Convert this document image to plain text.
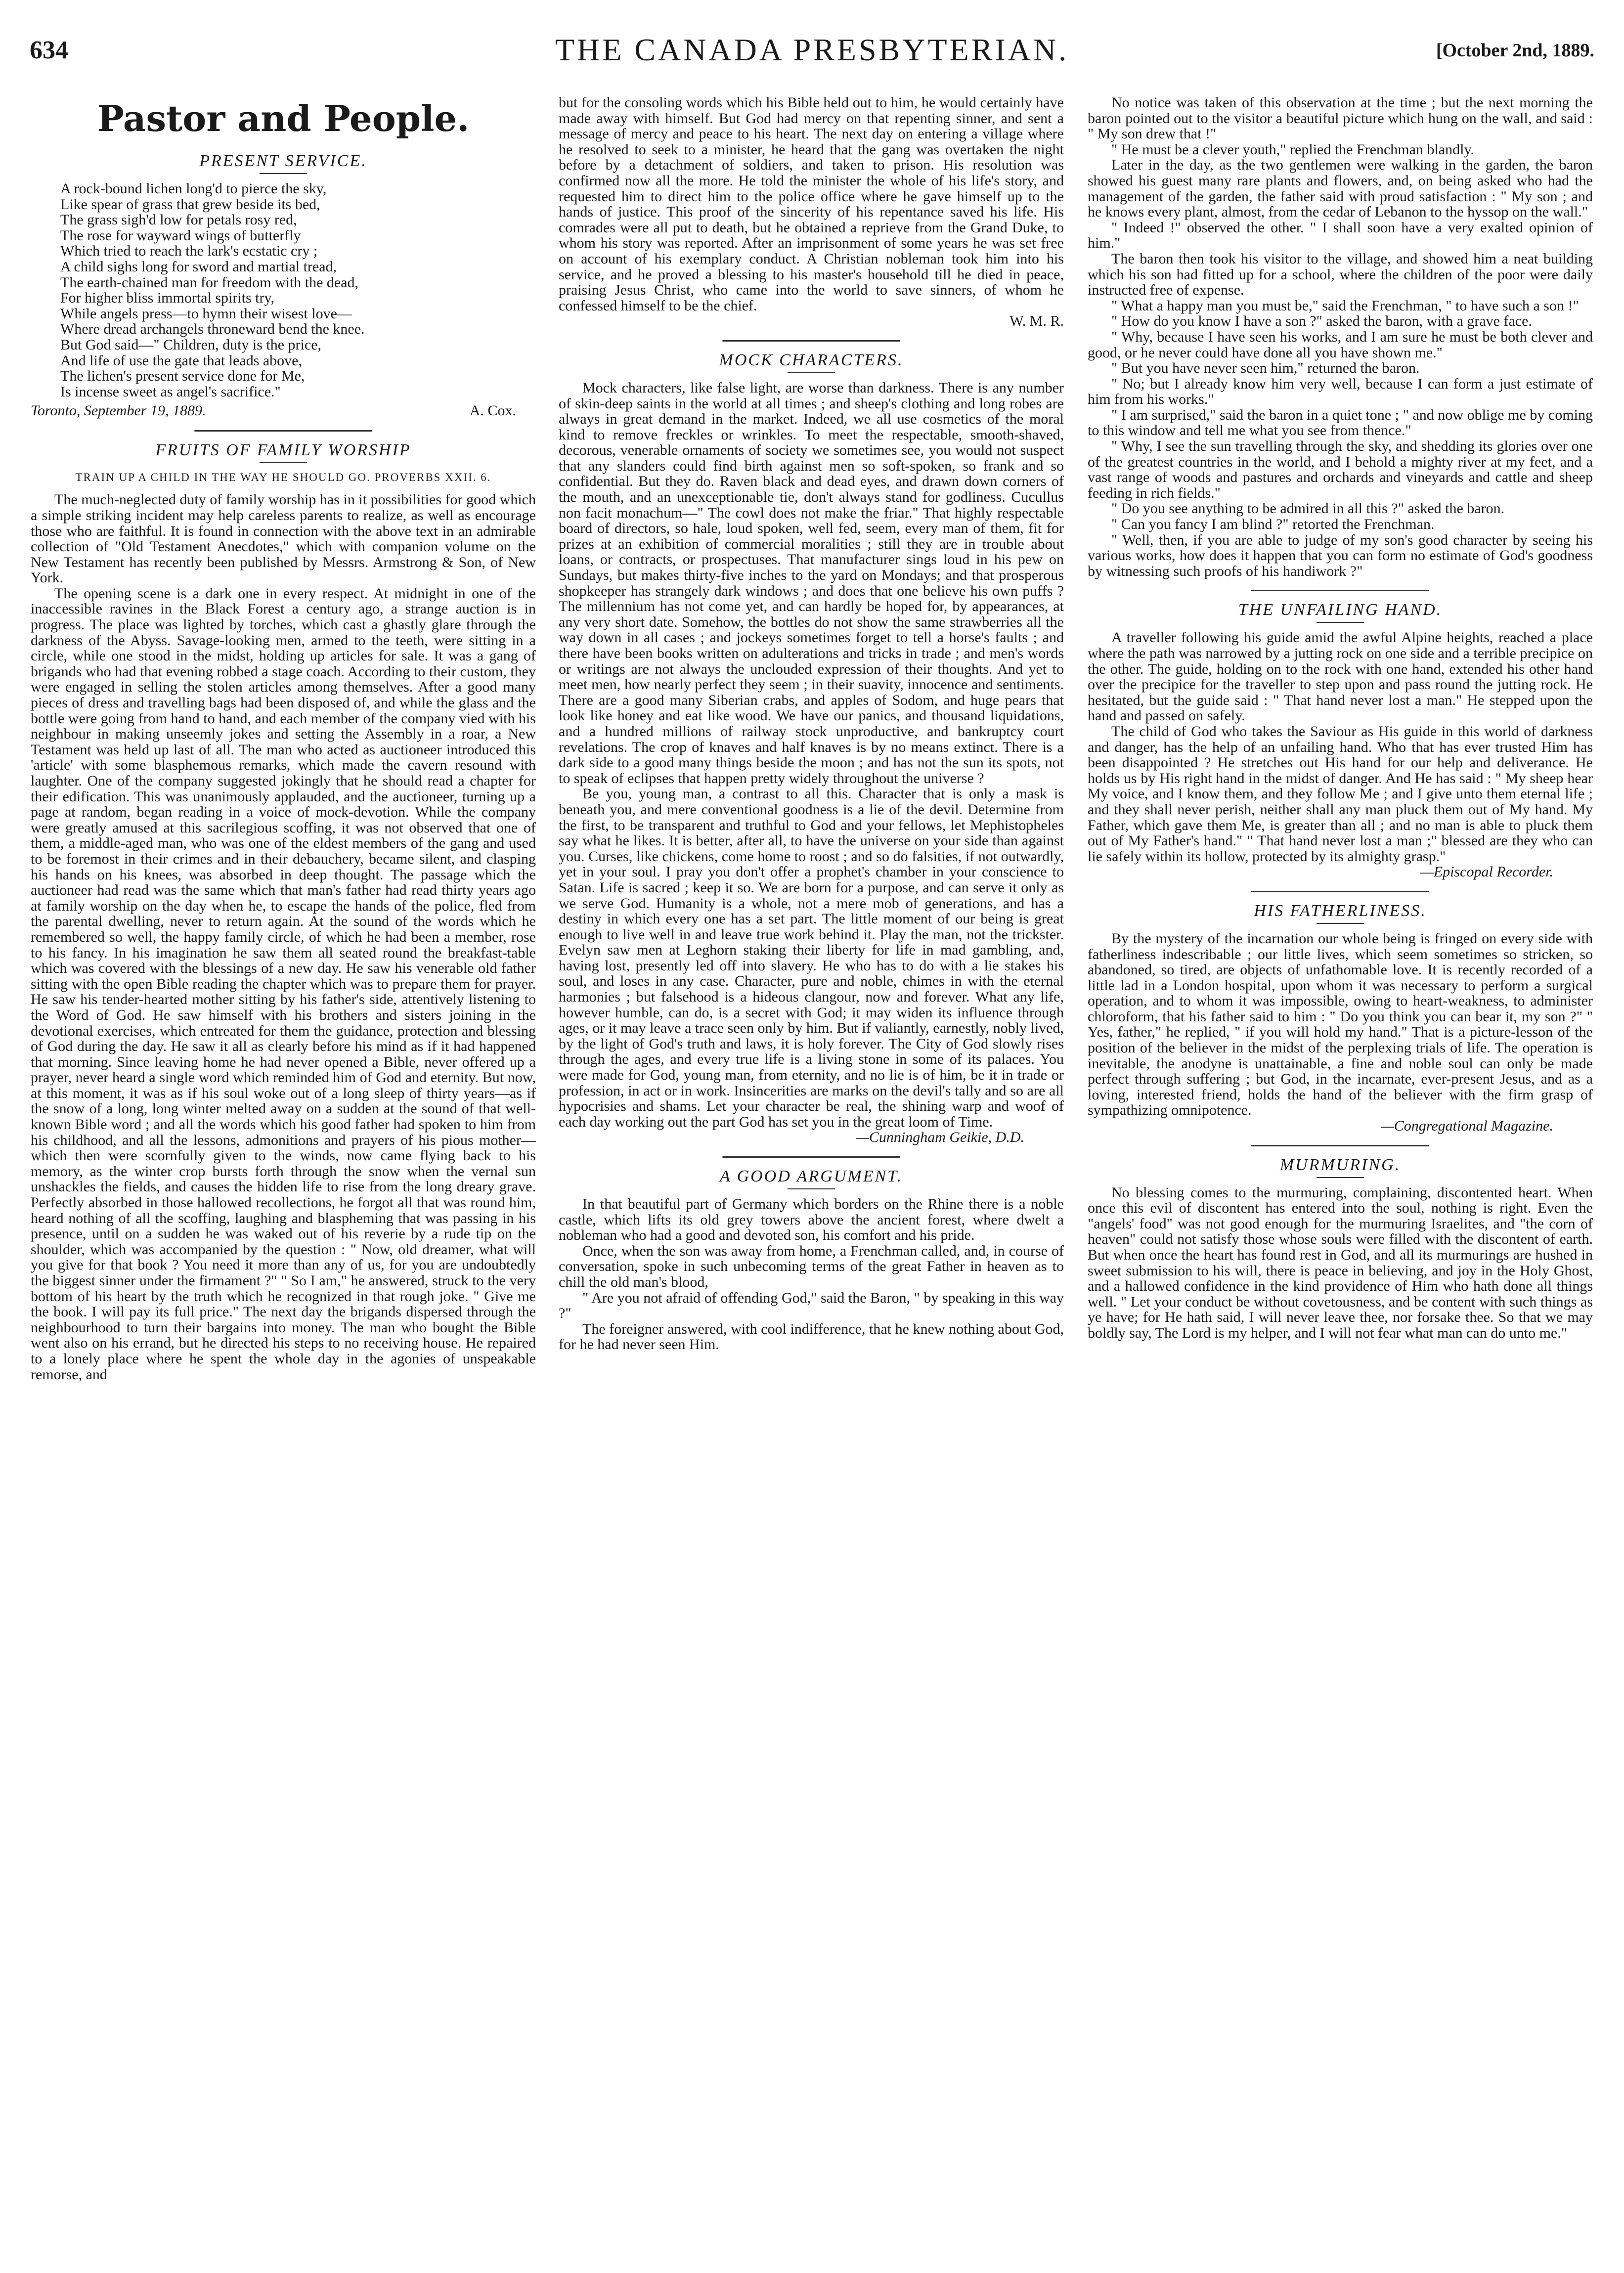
634	THE CANADA PRESBYTERIAN.	[October 2nd, 1889.
Pastor and People.
PRESENT SERVICE.
A rock-bound lichen long'd to pierce the sky,
Like spear of grass that grew beside its bed,
The grass sigh'd low for petals rosy red,
The rose for wayward wings of butterfly
Which tried to reach the lark's ecstatic cry ;
A child sighs long for sword and martial tread,
The earth-chained man for freedom with the dead,
For higher bliss immortal spirits try,
While angels press—to hymn their wisest love—
Where dread archangels throneward bend the knee.
But God said—" Children, duty is the price,
And life of use the gate that leads above,
The lichen's present service done for Me,
Is incense sweet as angel's sacrifice."
Toronto, September 19, 1889.	A. Cox.
FRUITS OF FAMILY WORSHIP
TRAIN UP A CHILD IN THE WAY HE SHOULD GO. PROVERBS XXII. 6.

The much-neglected duty of family worship has in it possibilities for good which a simple striking incident may help careless parents to realize, as well as encourage those who are faithful. It is found in connection with the above text in an admirable collection of "Old Testament Anecdotes," which with companion volume on the New Testament has recently been published by Messrs. Armstrong & Son, of New York.

The opening scene is a dark one in every respect. At midnight in one of the inaccessible ravines in the Black Forest a century ago, a strange auction is in progress. The place was lighted by torches, which cast a ghastly glare through the darkness of the Abyss. Savage-looking men, armed to the teeth, were sitting in a circle, while one stood in the midst, holding up articles for sale. It was a gang of brigands who had that evening robbed a stage coach. According to their custom, they were engaged in selling the stolen articles among themselves. After a good many pieces of dress and travelling bags had been disposed of, and while the glass and the bottle were going from hand to hand, and each member of the company vied with his neighbour in making unseemly jokes and setting the Assembly in a roar, a New Testament was held up last of all. The man who acted as auctioneer introduced this 'article' with some blasphemous remarks, which made the cavern resound with laughter. One of the company suggested jokingly that he should read a chapter for their edification. This was unanimously applauded, and the auctioneer, turning up a page at random, began reading in a voice of mock-devotion. While the company were greatly amused at this sacrilegious scoffing, it was not observed that one of them, a middle-aged man, who was one of the eldest members of the gang and used to be foremost in their crimes and in their debauchery, became silent, and clasping his hands on his knees, was absorbed in deep thought. The passage which the auctioneer had read was the same which that man's father had read thirty years ago at family worship on the day when he, to escape the hands of the police, fled from the parental dwelling, never to return again. At the sound of the words which he remembered so well, the happy family circle, of which he had been a member, rose to his fancy. In his imagination he saw them all seated round the breakfast-table which was covered with the blessings of a new day. He saw his venerable old father sitting with the open Bible reading the chapter which was to prepare them for prayer. He saw his tender-hearted mother sitting by his father's side, attentively listening to the Word of God. He saw himself with his brothers and sisters joining in the devotional exercises, which entreated for them the guidance, protection and blessing of God during the day. He saw it all as clearly before his mind as if it had happened that morning. Since leaving home he had never opened a Bible, never offered up a prayer, never heard a single word which reminded him of God and eternity. But now, at this moment, it was as if his soul woke out of a long sleep of thirty years—as if the snow of a long, long winter melted away on a sudden at the sound of that well-known Bible word ; and all the words which his good father had spoken to him from his childhood, and all the lessons, admonitions and prayers of his pious mother—which then were scornfully given to the winds, now came flying back to his memory, as the winter crop bursts forth through the snow when the vernal sun unshackles the fields, and causes the hidden life to rise from the long dreary grave. Perfectly absorbed in those hallowed recollections, he forgot all that was round him, heard nothing of all the scoffing, laughing and blaspheming that was passing in his presence, until on a sudden he was waked out of his reverie by a rude tip on the shoulder, which was accompanied by the question : " Now, old dreamer, what will you give for that book ? You need it more than any of us, for you are undoubtedly the biggest sinner under the firmament ?" " So I am," he answered, struck to the very bottom of his heart by the truth which he recognized in that rough joke. " Give me the book. I will pay its full price." The next day the brigands dispersed through the neighbourhood to turn their bargains into money. The man who bought the Bible went also on his errand, but he directed his steps to no receiving house. He repaired to a lonely place where he spent the whole day in the agonies of unspeakable remorse, and

but for the consoling words which his Bible held out to him, he would certainly have made away with himself. But God had mercy on that repenting sinner, and sent a message of mercy and peace to his heart. The next day on entering a village where he resolved to seek to a minister, he heard that the gang was overtaken the night before by a detachment of soldiers, and taken to prison. His resolution was confirmed now all the more. He told the minister the whole of his life's story, and requested him to direct him to the police office where he gave himself up to the hands of justice. This proof of the sincerity of his repentance saved his life. His comrades were all put to death, but he obtained a reprieve from the Grand Duke, to whom his story was reported. After an imprisonment of some years he was set free on account of his exemplary conduct. A Christian nobleman took him into his service, and he proved a blessing to his master's household till he died in peace, praising Jesus Christ, who came into the world to save sinners, of whom he confessed himself to be the chief.

W. M. R.
MOCK CHARACTERS.

Mock characters, like false light, are worse than darkness. There is any number of skin-deep saints in the world at all times ; and sheep's clothing and long robes are always in great demand in the market. Indeed, we all use cosmetics of the moral kind to remove freckles or wrinkles. To meet the respectable, smooth-shaved, decorous, venerable ornaments of society we sometimes see, you would not suspect that any slanders could find birth against men so soft-spoken, so frank and so confidential. But they do. Raven black and dead eyes, and drawn down corners of the mouth, and an unexceptionable tie, don't always stand for godliness. Cucullus non facit monachum—" The cowl does not make the friar." That highly respectable board of directors, so hale, loud spoken, well fed, seem, every man of them, fit for prizes at an exhibition of commercial moralities ; still they are in trouble about loans, or contracts, or prospectuses. That manufacturer sings loud in his pew on Sundays, but makes thirty-five inches to the yard on Mondays; and that prosperous shopkeeper has strangely dark windows ; and does that one believe his own puffs ? The millennium has not come yet, and can hardly be hoped for, by appearances, at any very short date. Somehow, the bottles do not show the same strawberries all the way down in all cases ; and jockeys sometimes forget to tell a horse's faults ; and there have been books written on adulterations and tricks in trade ; and men's words or writings are not always the unclouded expression of their thoughts. And yet to meet men, how nearly perfect they seem ; in their suavity, innocence and sentiments. There are a good many Siberian crabs, and apples of Sodom, and huge pears that look like honey and eat like wood. We have our panics, and thousand liquidations, and a hundred millions of railway stock unproductive, and bankruptcy court revelations. The crop of knaves and half knaves is by no means extinct. There is a dark side to a good many things beside the moon ; and has not the sun its spots, not to speak of eclipses that happen pretty widely throughout the universe ?

Be you, young man, a contrast to all this. Character that is only a mask is beneath you, and mere conventional goodness is a lie of the devil. Determine from the first, to be transparent and truthful to God and your fellows, let Mephistopheles say what he likes. It is better, after all, to have the universe on your side than against you. Curses, like chickens, come home to roost ; and so do falsities, if not outwardly, yet in your soul. I pray you don't offer a prophet's chamber in your conscience to Satan. Life is sacred ; keep it so. We are born for a purpose, and can serve it only as we serve God. Humanity is a whole, not a mere mob of generations, and has a destiny in which every one has a set part. The little moment of our being is great enough to live well in and leave true work behind it. Play the man, not the trickster. Evelyn saw men at Leghorn staking their liberty for life in mad gambling, and, having lost, presently led off into slavery. He who has to do with a lie stakes his soul, and loses in any case. Character, pure and noble, chimes in with the eternal harmonies ; but falsehood is a hideous clangour, now and forever. What any life, however humble, can do, is a secret with God; it may widen its influence through ages, or it may leave a trace seen only by him. But if valiantly, earnestly, nobly lived, by the light of God's truth and laws, it is holy forever. The City of God slowly rises through the ages, and every true life is a living stone in some of its palaces. You were made for God, young man, from eternity, and no lie is of him, be it in trade or profession, in act or in work. Insincerities are marks on the devil's tally and so are all hypocrisies and shams. Let your character be real, the shining warp and woof of each day working out the part God has set you in the great loom of Time.

—Cunningham Geikie, D.D.
A GOOD ARGUMENT.

In that beautiful part of Germany which borders on the Rhine there is a noble castle, which lifts its old grey towers above the ancient forest, where dwelt a nobleman who had a good and devoted son, his comfort and his pride.

Once, when the son was away from home, a Frenchman called, and, in course of conversation, spoke in such unbecoming terms of the great Father in heaven as to chill the old man's blood,

" Are you not afraid of offending God," said the Baron, " by speaking in this way ?"

The foreigner answered, with cool indifference, that he knew nothing about God, for he had never seen Him.

No notice was taken of this observation at the time ; but the next morning the baron pointed out to the visitor a beautiful picture which hung on the wall, and said : " My son drew that !"

" He must be a clever youth," replied the Frenchman blandly.

Later in the day, as the two gentlemen were walking in the garden, the baron showed his guest many rare plants and flowers, and, on being asked who had the management of the garden, the father said with proud satisfaction : " My son ; and he knows every plant, almost, from the cedar of Lebanon to the hyssop on the wall."

" Indeed !" observed the other. " I shall soon have a very exalted opinion of him."

The baron then took his visitor to the village, and showed him a neat building which his son had fitted up for a school, where the children of the poor were daily instructed free of expense.

" What a happy man you must be," said the Frenchman, " to have such a son !"

" How do you know I have a son ?" asked the baron, with a grave face.

" Why, because I have seen his works, and I am sure he must be both clever and good, or he never could have done all you have shown me."

" But you have never seen him," returned the baron.

" No; but I already know him very well, because I can form a just estimate of him from his works."

" I am surprised," said the baron in a quiet tone ; " and now oblige me by coming to this window and tell me what you see from thence."

" Why, I see the sun travelling through the sky, and shedding its glories over one of the greatest countries in the world, and I behold a mighty river at my feet, and a vast range of woods and pastures and orchards and vineyards and cattle and sheep feeding in rich fields."

" Do you see anything to be admired in all this ?" asked the baron.

" Can you fancy I am blind ?" retorted the Frenchman.

" Well, then, if you are able to judge of my son's good character by seeing his various works, how does it happen that you can form no estimate of God's goodness by witnessing such proofs of his handiwork ?"

THE UNFAILING HAND.

A traveller following his guide amid the awful Alpine heights, reached a place where the path was narrowed by a jutting rock on one side and a terrible precipice on the other. The guide, holding on to the rock with one hand, extended his other hand over the precipice for the traveller to step upon and pass round the jutting rock. He hesitated, but the guide said : " That hand never lost a man." He stepped upon the hand and passed on safely.

The child of God who takes the Saviour as His guide in this world of darkness and danger, has the help of an unfailing hand. Who that has ever trusted Him has been disappointed ? He stretches out His hand for our help and deliverance. He holds us by His right hand in the midst of danger. And He has said : " My sheep hear My voice, and I know them, and they follow Me ; and I give unto them eternal life ; and they shall never perish, neither shall any man pluck them out of My hand. My Father, which gave them Me, is greater than all ; and no man is able to pluck them out of My Father's hand." " That hand never lost a man ;" blessed are they who can lie safely within its hollow, protected by its almighty grasp."

—Episcopal Recorder.
HIS FATHERLINESS.

By the mystery of the incarnation our whole being is fringed on every side with fatherliness indescribable ; our little lives, which seem sometimes so stricken, so abandoned, so tired, are objects of unfathomable love. It is recently recorded of a little lad in a London hospital, upon whom it was necessary to perform a surgical operation, and to whom it was impossible, owing to heart-weakness, to administer chloroform, that his father said to him : " Do you think you can bear it, my son ?" " Yes, father," he replied, " if you will hold my hand." That is a picture-lesson of the position of the believer in the midst of the perplexing trials of life. The operation is inevitable, the anodyne is unattainable, a fine and noble soul can only be made perfect through suffering ; but God, in the incarnate, ever-present Jesus, and as a loving, interested friend, holds the hand of the believer with the firm grasp of sympathizing omnipotence.

—Congregational Magazine.
MURMURING.

No blessing comes to the murmuring, complaining, discontented heart. When once this evil of discontent has entered into the soul, nothing is right. Even the "angels' food" was not good enough for the murmuring Israelites, and "the corn of heaven" could not satisfy those whose souls were filled with the discontent of earth. But when once the heart has found rest in God, and all its murmurings are hushed in sweet submission to his will, there is peace in believing, and joy in the Holy Ghost, and a hallowed confidence in the kind providence of Him who hath done all things well. " Let your conduct be without covetousness, and be content with such things as ye have; for He hath said, I will never leave thee, nor forsake thee. So that we may boldly say, The Lord is my helper, and I will not fear what man can do unto me."
